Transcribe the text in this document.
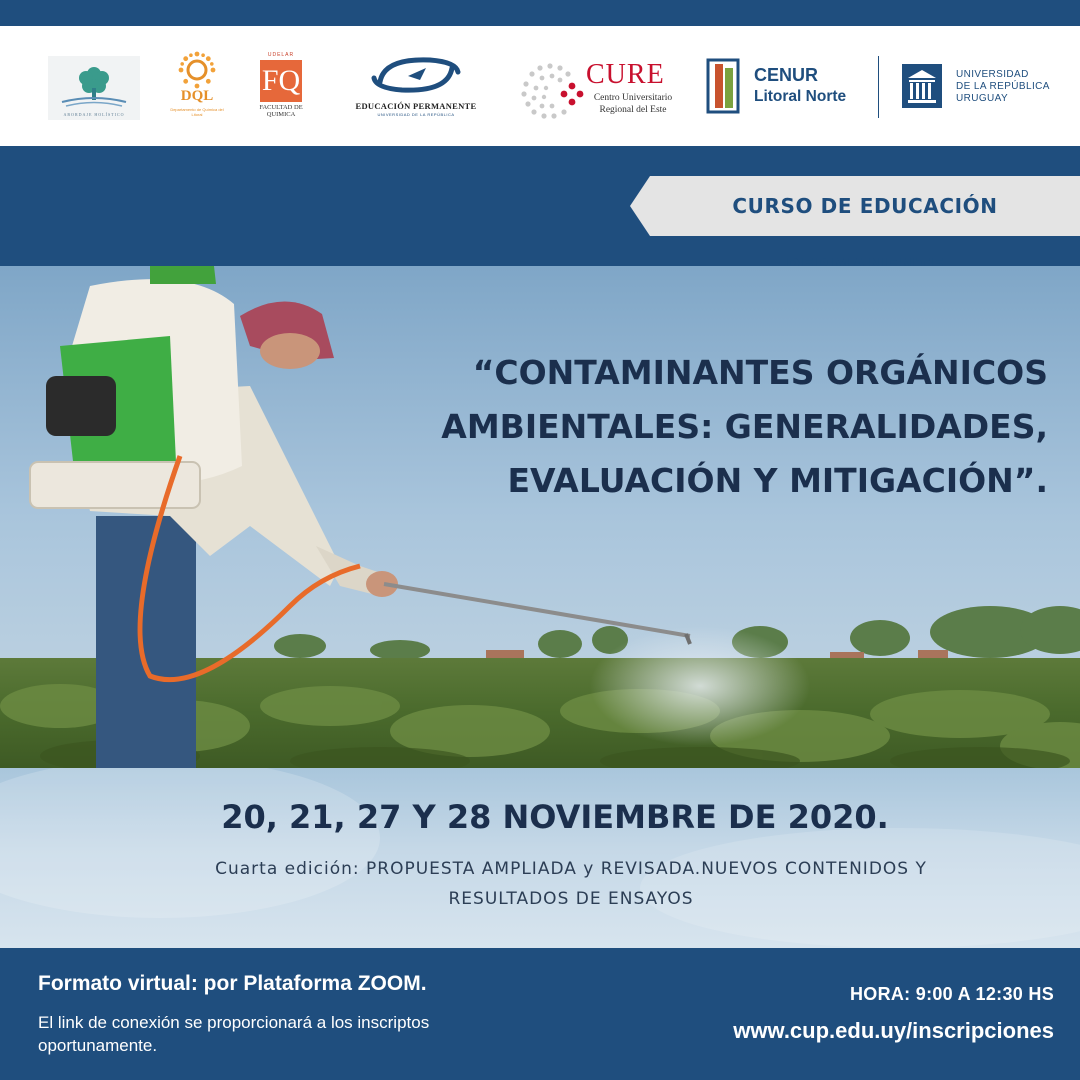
ABORDAJE HOLÍSTICO
DQL
Departamento de Química del Litoral
UDELAR
FQ
FACULTAD DE
QUIMICA
EDUCACIÓN PERMANENTE
UNIVERSIDAD DE LA REPÚBLICA
CURE
Centro Universitario
Regional del Este
CENUR
Litoral Norte
UNIVERSIDAD
DE LA REPÚBLICA
URUGUAY
CURSO DE EDUCACIÓN
“CONTAMINANTES ORGÁNICOS AMBIENTALES: GENERALIDADES, EVALUACIÓN Y MITIGACIÓN”.
20, 21, 27 Y 28 NOVIEMBRE DE 2020.
Cuarta edición: PROPUESTA AMPLIADA y REVISADA.NUEVOS CONTENIDOS Y RESULTADOS DE ENSAYOS
Formato virtual: por Plataforma ZOOM.
El link de conexión se proporcionará a los inscriptos oportunamente.
HORA: 9:00 A 12:30 HS
www.cup.edu.uy/inscripciones
